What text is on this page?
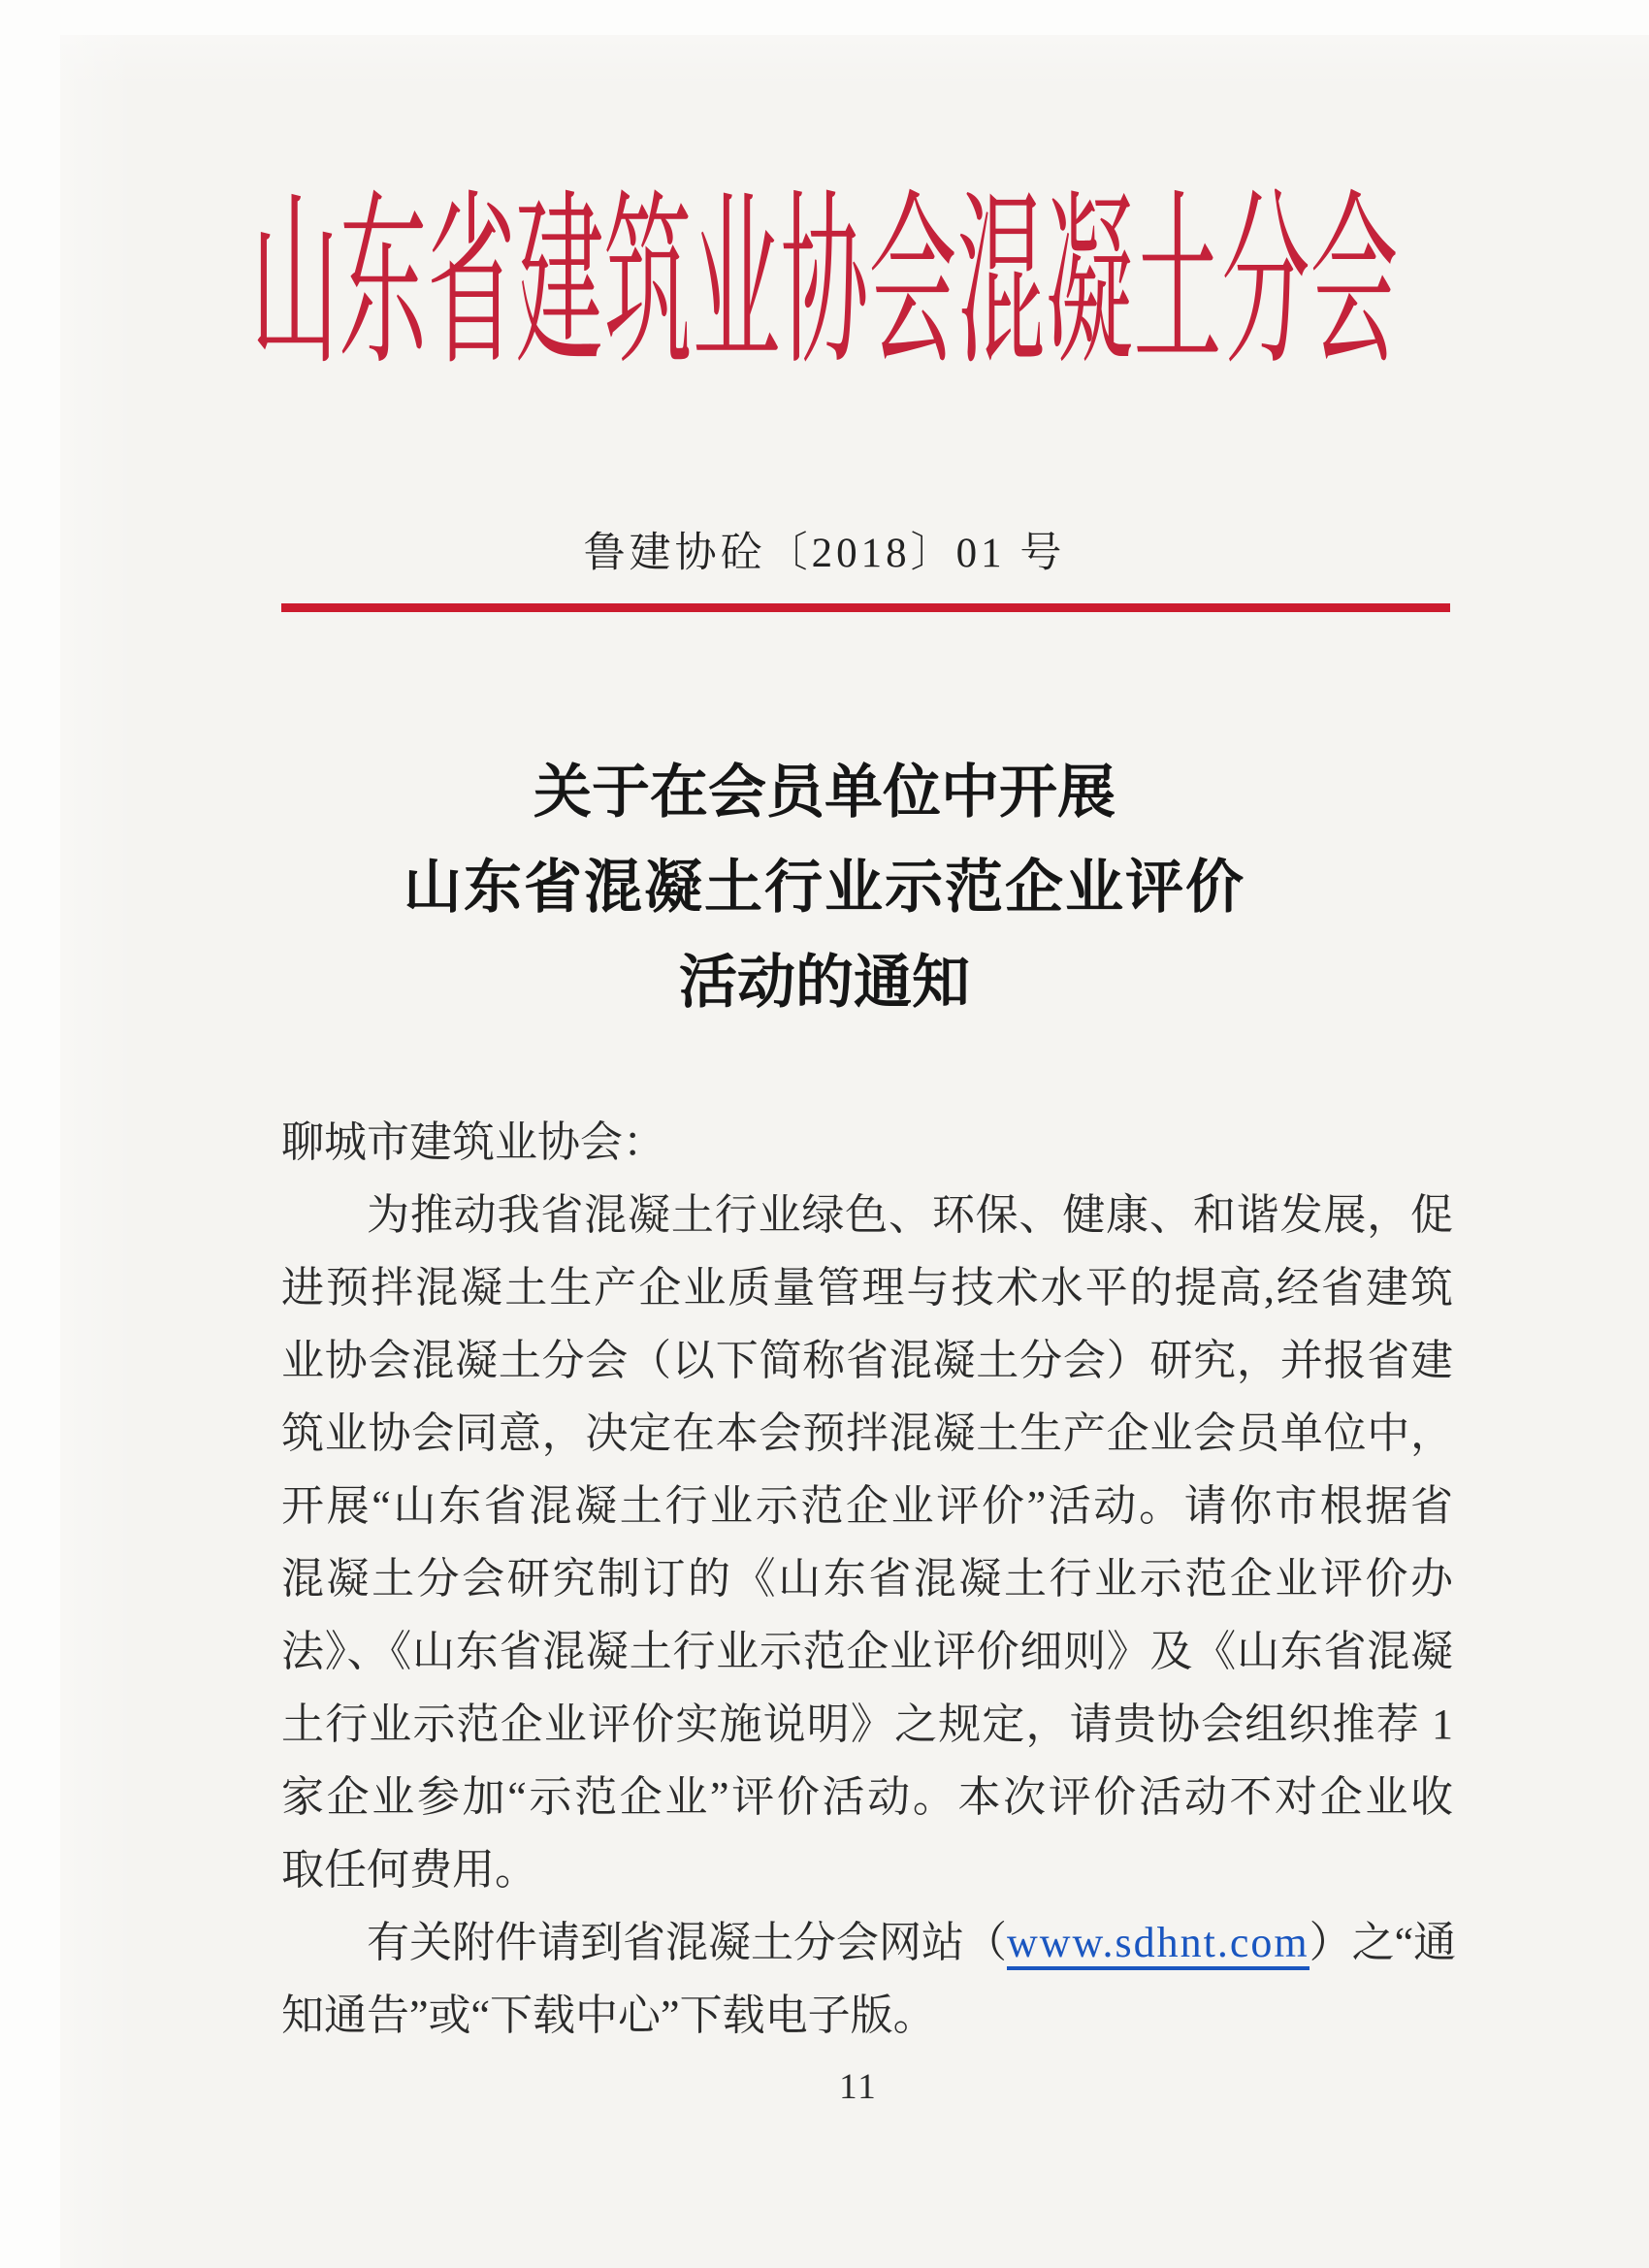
山东省建筑业协会混凝土分会
鲁建协砼〔2018〕01 号
关于在会员单位中开展
山东省混凝土行业示范企业评价
活动的通知
聊城市建筑业协会：
为推动我省混凝土行业绿色、环保、健康、和谐发展，促
进预拌混凝土生产企业质量管理与技术水平的提高,经省建筑
业协会混凝土分会（以下简称省混凝土分会）研究，并报省建
筑业协会同意，决定在本会预拌混凝土生产企业会员单位中，
开展“山东省混凝土行业示范企业评价”活动。请你市根据省
混凝土分会研究制订的《山东省混凝土行业示范企业评价办
法》、《山东省混凝土行业示范企业评价细则》及《山东省混凝
土行业示范企业评价实施说明》之规定，请贵协会组织推荐 1
家企业参加“示范企业”评价活动。本次评价活动不对企业收
取任何费用。
有关附件请到省混凝土分会网站（www.sdhnt.com）之“通
知通告”或“下载中心”下载电子版。
11
